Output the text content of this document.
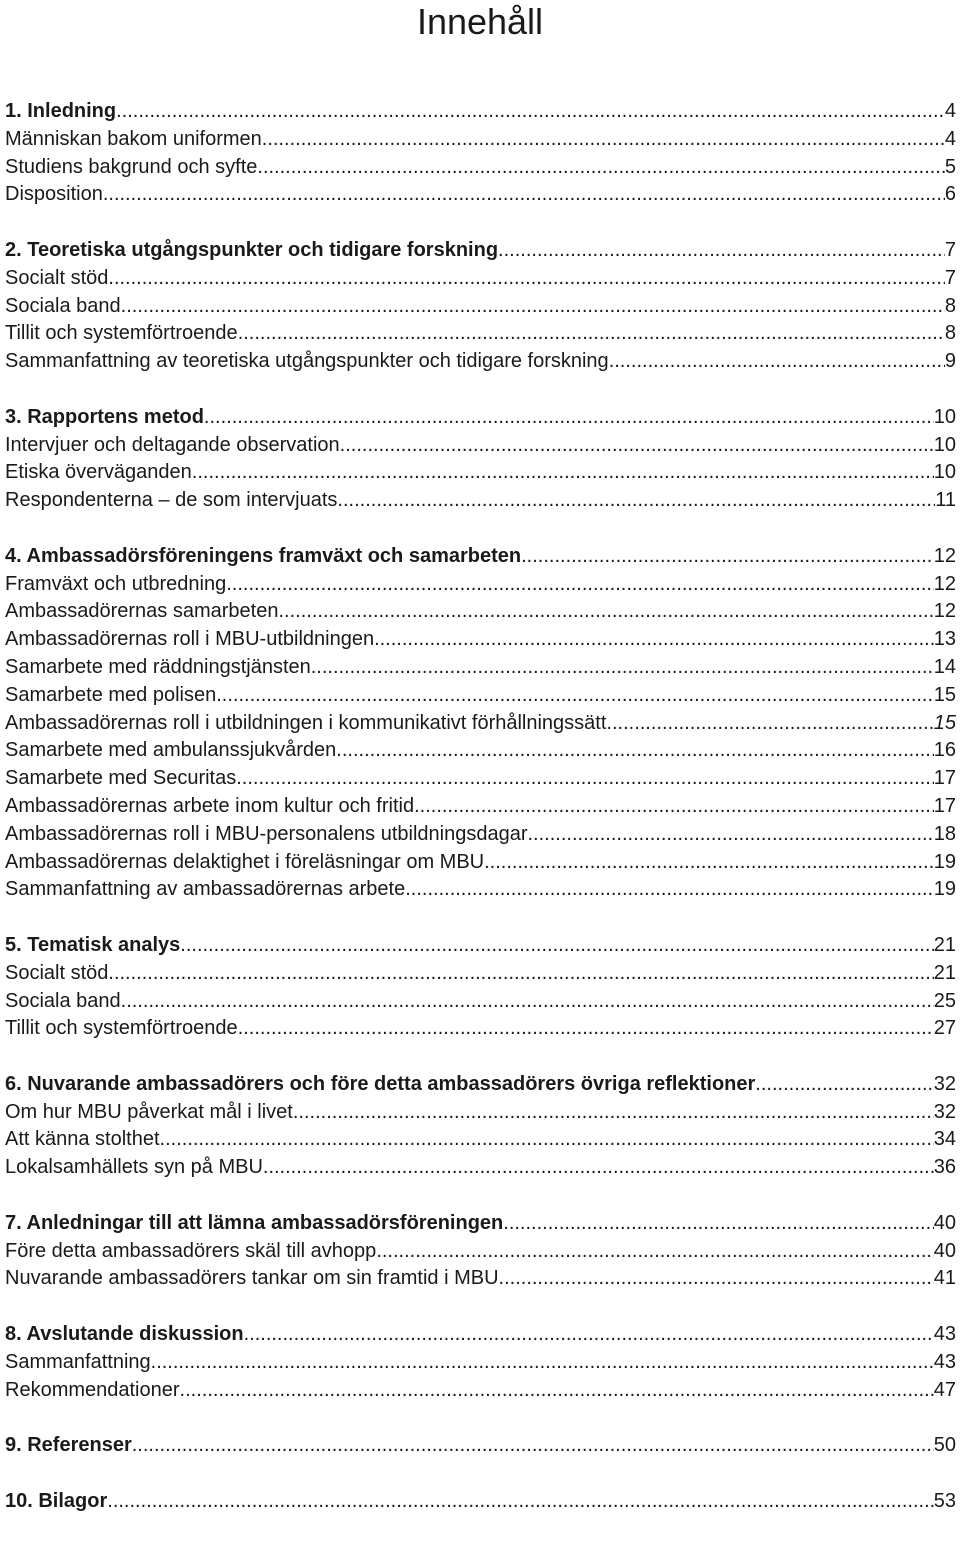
Innehåll
1. Inledning .....	4
Människan bakom uniformen .....	4
Studiens bakgrund och syfte .....	5
Disposition .....	6
2. Teoretiska utgångspunkter och tidigare forskning .....	7
Socialt stöd .....	7
Sociala band .....	8
Tillit och systemförtroende .....	8
Sammanfattning av teoretiska utgångspunkter och tidigare forskning .....	9
3. Rapportens metod .....	10
Intervjuer och deltagande observation .....	10
Etiska överväganden .....	10
Respondenterna – de som intervjuats .....	11
4. Ambassadörsföreningens framväxt och samarbeten .....	12
Framväxt och utbredning .....	12
Ambassadörernas samarbeten .....	12
Ambassadörernas roll i MBU-utbildningen .....	13
Samarbete med räddningstjänsten .....	14
Samarbete med polisen .....	15
Ambassadörernas roll i utbildningen i kommunikativt förhållningssätt .....	15
Samarbete med ambulanssjukvården .....	16
Samarbete med Securitas .....	17
Ambassadörernas arbete inom kultur och fritid .....	17
Ambassadörernas roll i MBU-personalens utbildningsdagar .....	18
Ambassadörernas delaktighet i föreläsningar om MBU .....	19
Sammanfattning av ambassadörernas arbete .....	19
5. Tematisk analys .....	21
Socialt stöd .....	21
Sociala band .....	25
Tillit och systemförtroende .....	27
6. Nuvarande ambassadörers och före detta ambassadörers övriga reflektioner .....	32
Om hur MBU påverkat mål i livet .....	32
Att känna stolthet .....	34
Lokalsamhällets syn på MBU .....	36
7. Anledningar till att lämna ambassadörsföreningen .....	40
Före detta ambassadörers skäl till avhopp .....	40
Nuvarande ambassadörers tankar om sin framtid i MBU .....	41
8. Avslutande diskussion .....	43
Sammanfattning .....	43
Rekommendationer .....	47
9. Referenser .....	50
10. Bilagor .....	53
